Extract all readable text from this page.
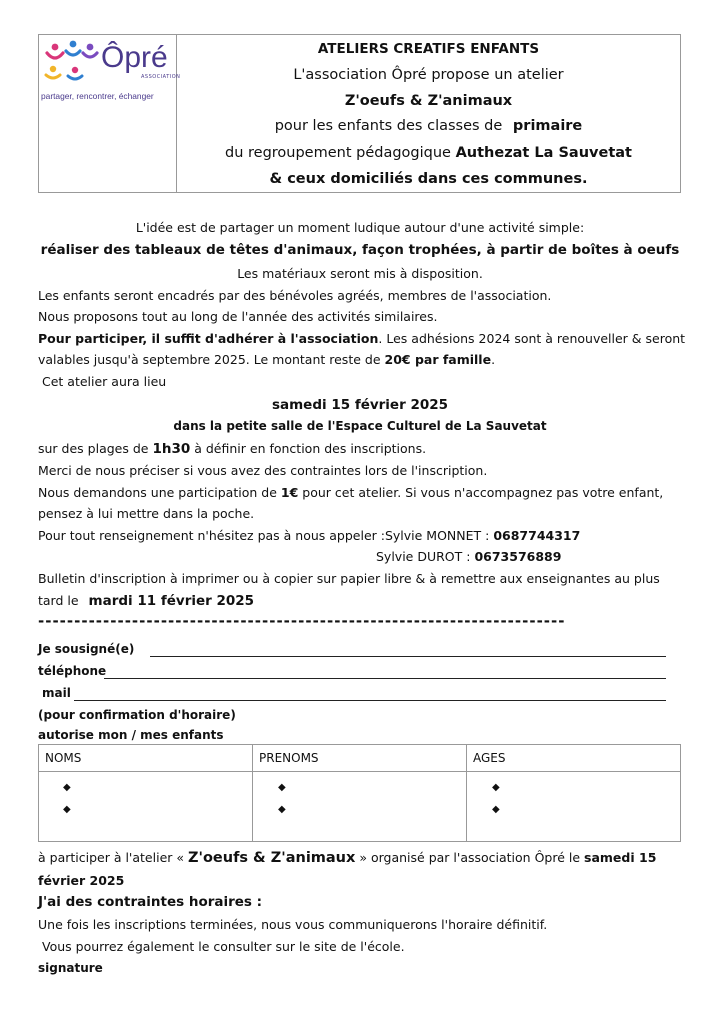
Ôpré
ASSOCIATION
partager, rencontrer, échanger
ATELIERS CREATIFS ENFANTS
L'association Ôpré propose un atelier
Z'oeufs & Z'animaux
pour les enfants des classes de primaire
du regroupement pédagogique Authezat La Sauvetat
& ceux domiciliés dans ces communes.
L'idée est de partager un moment ludique autour d'une activité simple:
réaliser des tableaux de têtes d'animaux, façon trophées, à partir de boîtes à oeufs
Les matériaux seront mis à disposition.
Les enfants seront encadrés par des bénévoles agréés, membres de l'association.
Nous proposons tout au long de l'année des activités similaires.
Pour participer, il suffit d'adhérer à l'association. Les adhésions 2024 sont à renouveller & seront
valables jusqu'à septembre 2025. Le montant reste de 20€ par famille.
Cet atelier aura lieu
samedi 15 février 2025
dans la petite salle de l'Espace Culturel de La Sauvetat
sur des plages de 1h30 à définir en fonction des inscriptions.
Merci de nous préciser si vous avez des contraintes lors de l'inscription.
Nous demandons une participation de 1€ pour cet atelier. Si vous n'accompagnez pas votre enfant,
pensez à lui mettre dans la poche.
Pour tout renseignement n'hésitez pas à nous appeler :Sylvie MONNET : 0687744317
Sylvie DUROT : 0673576889
Bulletin d'inscription à imprimer ou à copier sur papier libre & à remettre aux enseignantes au plus
tard le mardi 11 février 2025
-------------------------------------------------------------------------
Je sousigné(e)
téléphone
mail
(pour confirmation d'horaire)
autorise mon / mes enfants
NOMS
◆
◆
PRENOMS
◆
◆
AGES
◆
◆
à participer à l'atelier « Z'oeufs & Z'animaux » organisé par l'association Ôpré le samedi 15
février 2025
J'ai des contraintes horaires :
Une fois les inscriptions terminées, nous vous communiquerons l'horaire définitif.
Vous pourrez également le consulter sur le site de l'école.
signature
